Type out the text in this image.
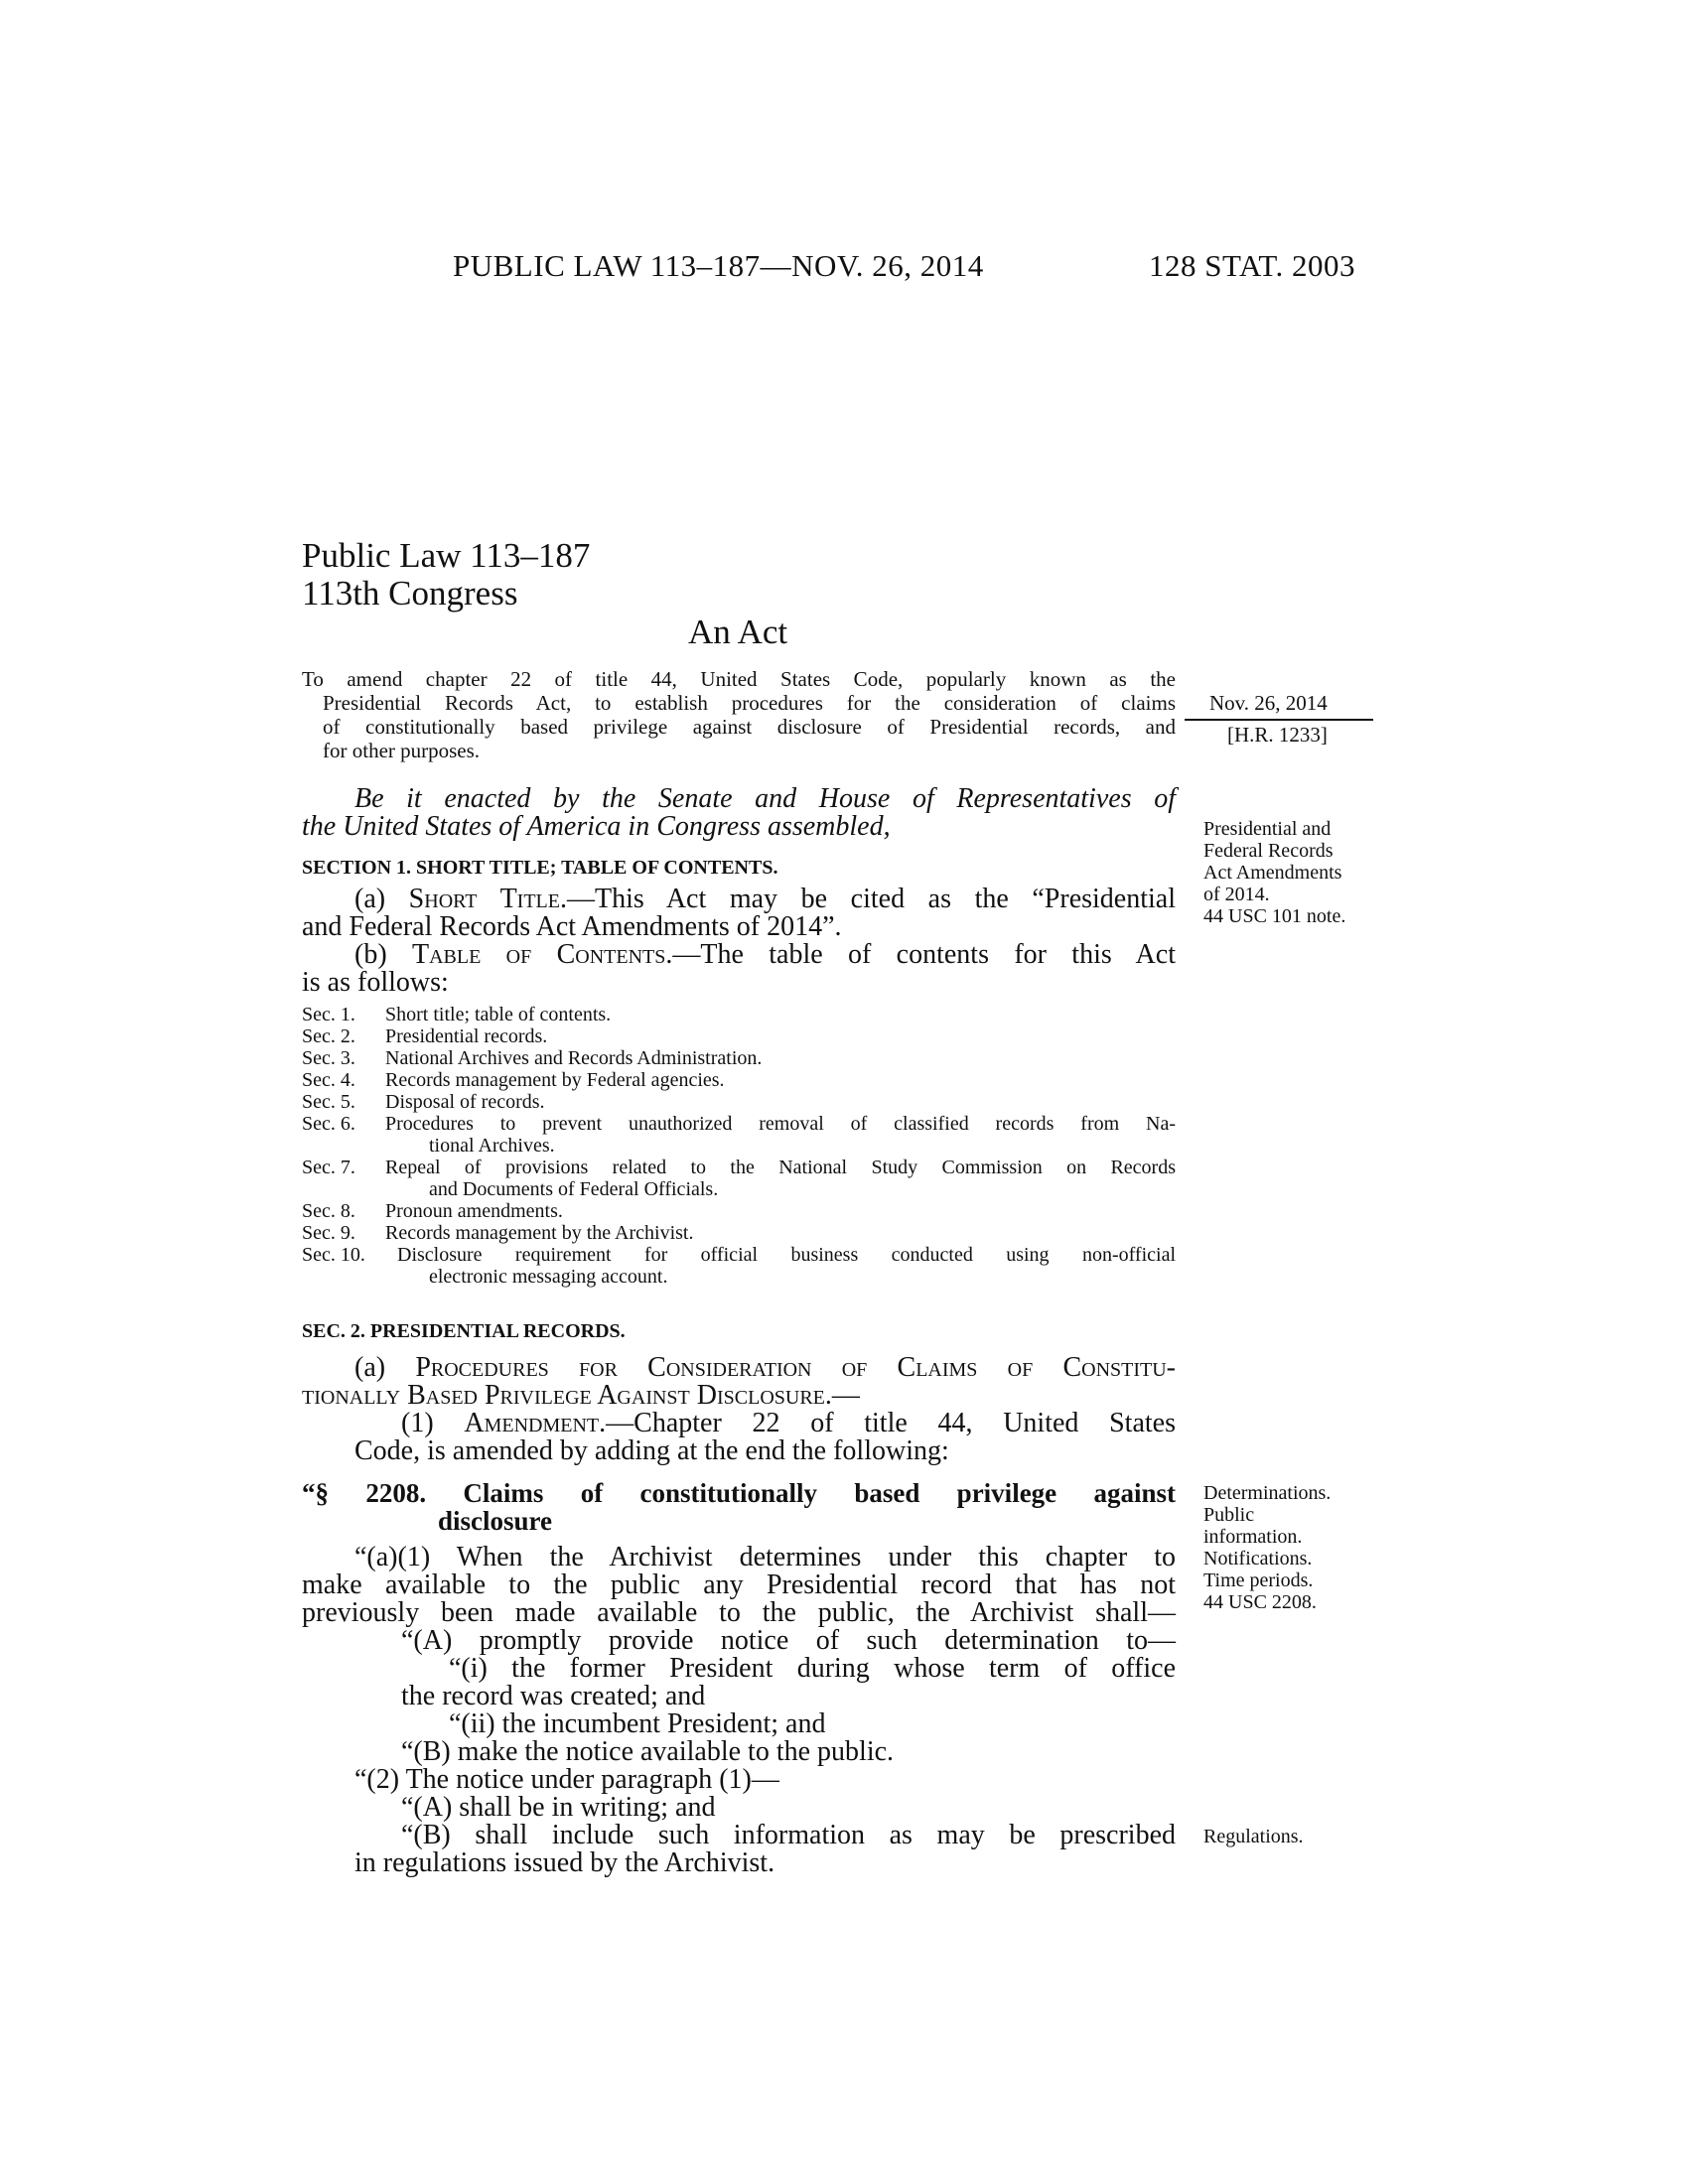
PUBLIC LAW 113–187—NOV. 26, 2014	128 STAT. 2003
Public Law 113–187
113th Congress
An Act
To amend chapter 22 of title 44, United States Code, popularly known as the
Presidential Records Act, to establish procedures for the consideration of claims
of constitutionally based privilege against disclosure of Presidential records, and
for other purposes.
Nov. 26, 2014
[H.R. 1233]
Be it enacted by the Senate and House of Representatives of
the United States of America in Congress assembled,	Presidential and
Federal Records
Act Amendments
of 2014.
44 USC 101 note.
SECTION 1. SHORT TITLE; TABLE OF CONTENTS.
(a) Short Title.—This Act may be cited as the “Presidential
and Federal Records Act Amendments of 2014”.
(b) Table of Contents.—The table of contents for this Act
is as follows:
Sec. 1. Short title; table of contents.
Sec. 2. Presidential records.
Sec. 3. National Archives and Records Administration.
Sec. 4. Records management by Federal agencies.
Sec. 5. Disposal of records.
Sec. 6. Procedures to prevent unauthorized removal of classified records from Na-
tional Archives.
Sec. 7. Repeal of provisions related to the National Study Commission on Records
and Documents of Federal Officials.
Sec. 8. Pronoun amendments.
Sec. 9. Records management by the Archivist.
Sec. 10. Disclosure requirement for official business conducted using non-official
electronic messaging account.
SEC. 2. PRESIDENTIAL RECORDS.
(a) Procedures for Consideration of Claims of Constitu-
tionally Based Privilege Against Disclosure.—
(1) Amendment.—Chapter 22 of title 44, United States
Code, is amended by adding at the end the following:
“§ 2208. Claims of constitutionally based privilege against
disclosure
Determinations.
Public
information.
Notifications.
Time periods.
44 USC 2208.
“(a)(1) When the Archivist determines under this chapter to
make available to the public any Presidential record that has not
previously been made available to the public, the Archivist shall—
“(A) promptly provide notice of such determination to—
“(i) the former President during whose term of office
the record was created; and
“(ii) the incumbent President; and
“(B) make the notice available to the public.
“(2) The notice under paragraph (1)—
“(A) shall be in writing; and
“(B) shall include such information as may be prescribed
in regulations issued by the Archivist.
Regulations.
